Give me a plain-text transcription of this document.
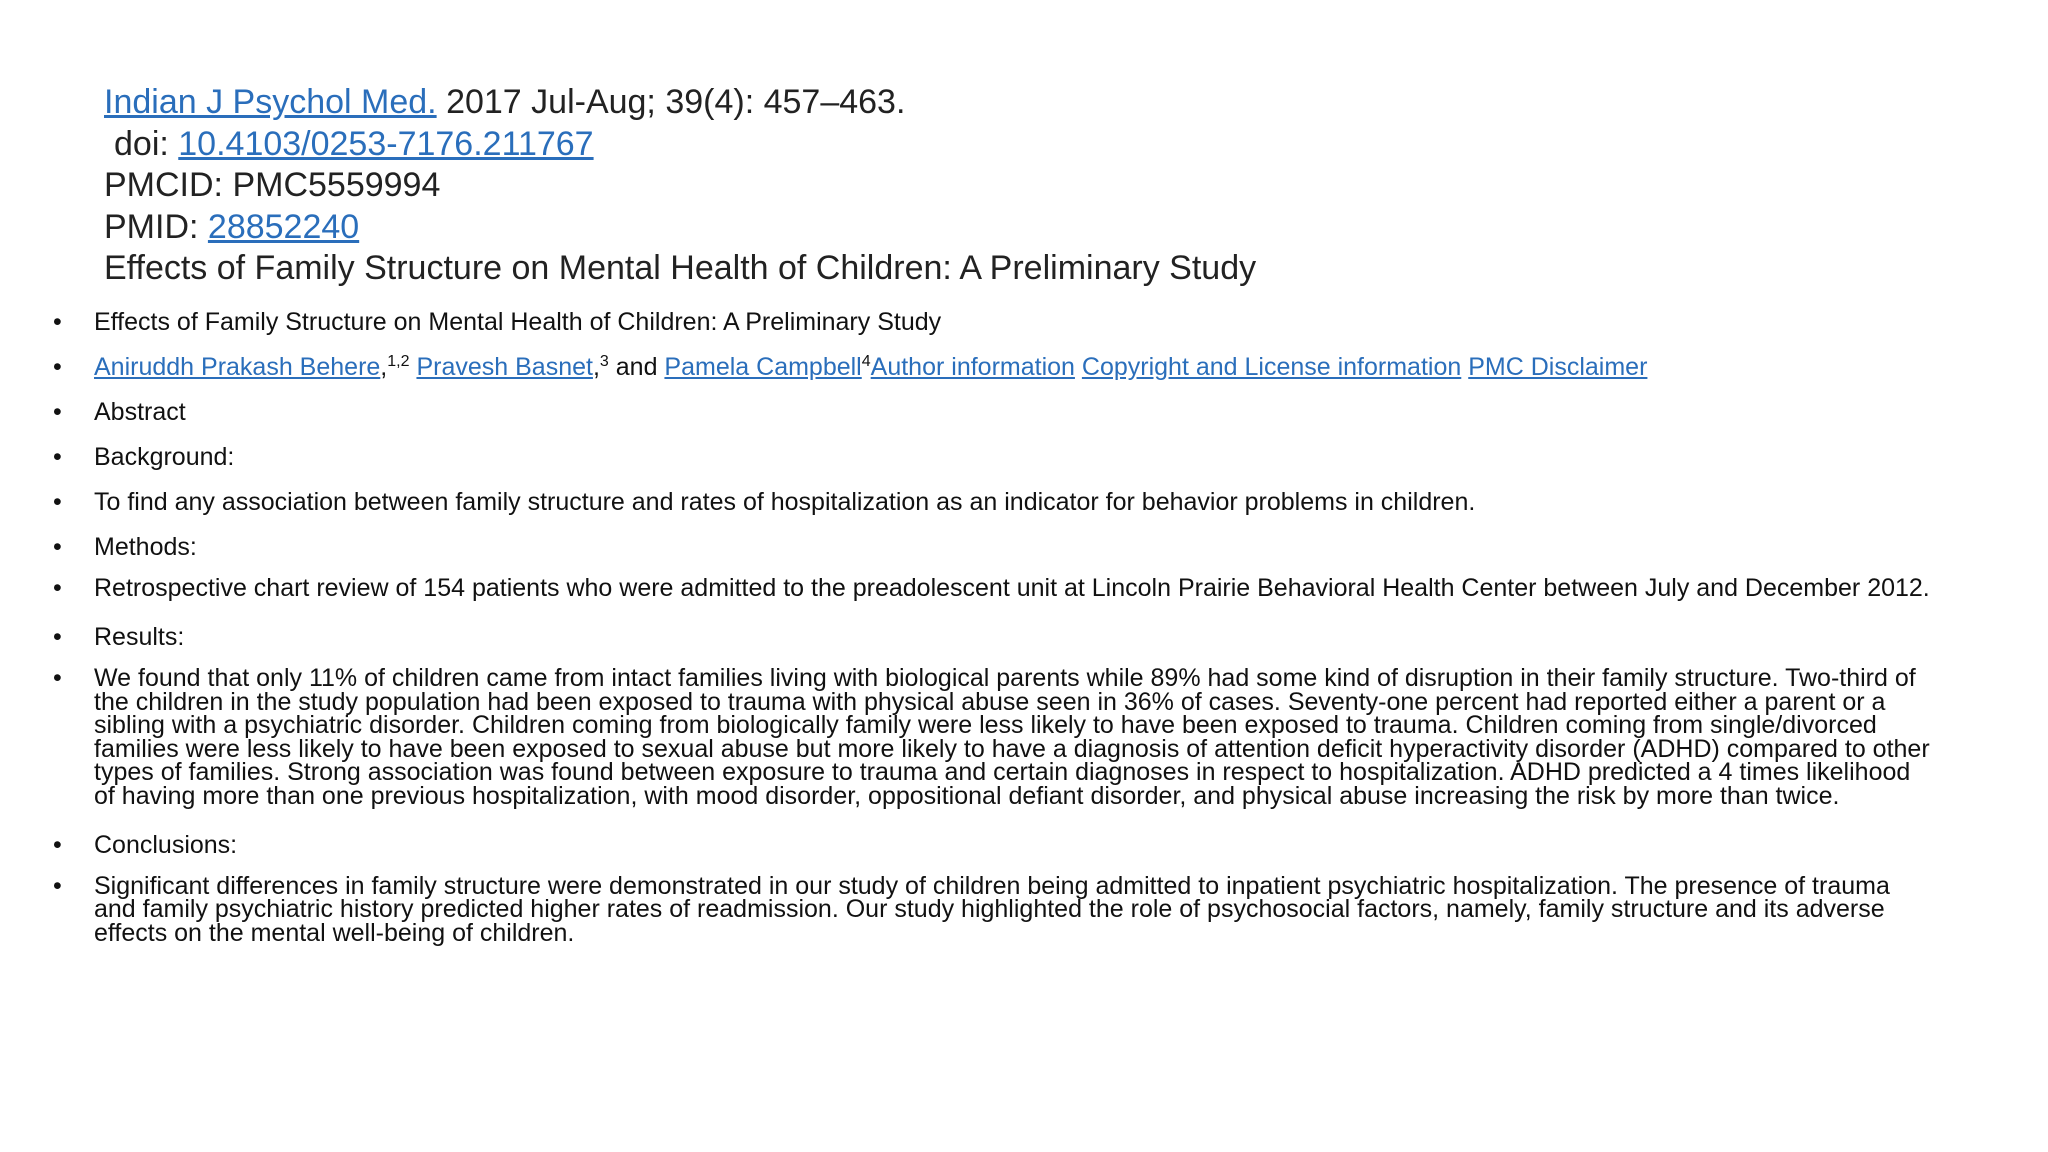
Indian J Psychol Med. 2017 Jul-Aug; 39(4): 457–463.
doi: 10.4103/0253-7176.211767
PMCID: PMC5559994
PMID: 28852240
Effects of Family Structure on Mental Health of Children: A Preliminary Study
• Effects of Family Structure on Mental Health of Children: A Preliminary Study
• Aniruddh Prakash Behere,$^{1,2}$ Pravesh Basnet,$^3$ and Pamela Campbell$^4$Author information Copyright and License information PMC Disclaimer
• Abstract
• Background:
• To find any association between family structure and rates of hospitalization as an indicator for behavior problems in children.
• Methods:
• Retrospective chart review of 154 patients who were admitted to the preadolescent unit at Lincoln Prairie Behavioral Health Center between July and December 2012.
• Results:
• We found that only 11% of children came from intact families living with biological parents while 89% had some kind of disruption in their family structure. Two-third of the children in the study population had been exposed to trauma with physical abuse seen in 36% of cases. Seventy-one percent had reported either a parent or a sibling with a psychiatric disorder. Children coming from biologically family were less likely to have been exposed to trauma. Children coming from single/divorced families were less likely to have been exposed to sexual abuse but more likely to have a diagnosis of attention deficit hyperactivity disorder (ADHD) compared to other types of families. Strong association was found between exposure to trauma and certain diagnoses in respect to hospitalization. ADHD predicted a 4 times likelihood of having more than one previous hospitalization, with mood disorder, oppositional defiant disorder, and physical abuse increasing the risk by more than twice.
• Conclusions:
• Significant differences in family structure were demonstrated in our study of children being admitted to inpatient psychiatric hospitalization. The presence of trauma and family psychiatric history predicted higher rates of readmission. Our study highlighted the role of psychosocial factors, namely, family structure and its adverse effects on the mental well-being of children.
